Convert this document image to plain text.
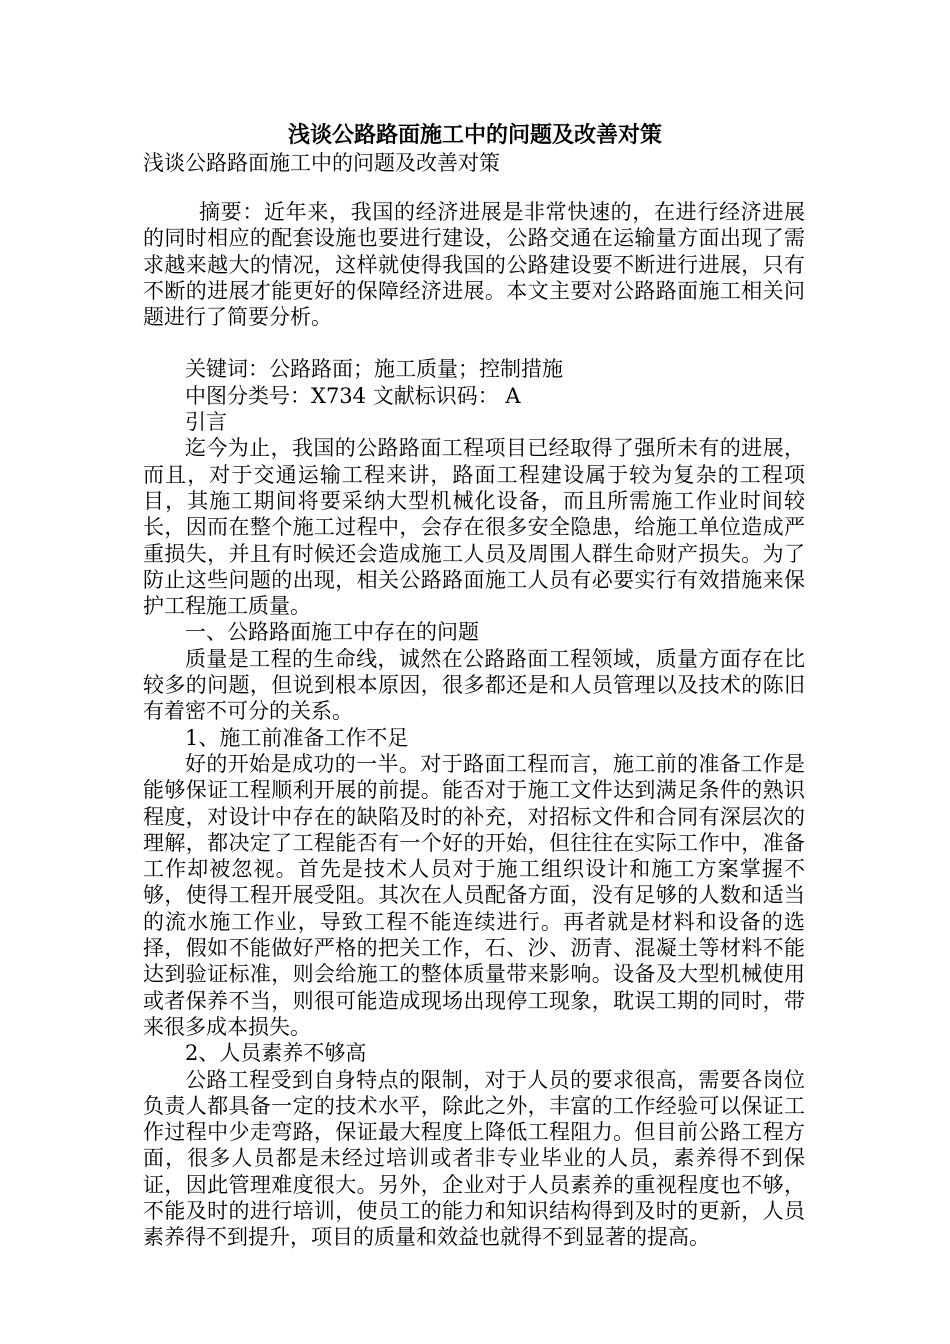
浅谈公路路面施工中的问题及改善对策
浅谈公路路面施工中的问题及改善对策

摘要：近年来，我国的经济进展是非常快速的，在进行经济进展的同时相应的配套设施也要进行建设，公路交通在运输量方面出现了需求越来越大的情况，这样就使得我国的公路建设要不断进行进展，只有不断的进展才能更好的保障经济进展。本文主要对公路路面施工相关问题进行了简要分析。

关键词：公路路面；施工质量；控制措施

中图分类号：X734 文献标识码： A

引言

迄今为止，我国的公路路面工程项目已经取得了强所未有的进展，而且，对于交通运输工程来讲，路面工程建设属于较为复杂的工程项目，其施工期间将要采纳大型机械化设备，而且所需施工作业时间较长，因而在整个施工过程中，会存在很多安全隐患，给施工单位造成严重损失，并且有时候还会造成施工人员及周围人群生命财产损失。为了防止这些问题的出现，相关公路路面施工人员有必要实行有效措施来保护工程施工质量。

一、公路路面施工中存在的问题

质量是工程的生命线，诚然在公路路面工程领域，质量方面存在比较多的问题，但说到根本原因，很多都还是和人员管理以及技术的陈旧有着密不可分的关系。

1、施工前准备工作不足

好的开始是成功的一半。对于路面工程而言，施工前的准备工作是能够保证工程顺利开展的前提。能否对于施工文件达到满足条件的熟识程度，对设计中存在的缺陷及时的补充，对招标文件和合同有深层次的理解，都决定了工程能否有一个好的开始，但往往在实际工作中，准备工作却被忽视。首先是技术人员对于施工组织设计和施工方案掌握不够，使得工程开展受阻。其次在人员配备方面，没有足够的人数和适当的流水施工作业，导致工程不能连续进行。再者就是材料和设备的选择，假如不能做好严格的把关工作，石、沙、沥青、混凝土等材料不能达到验证标准，则会给施工的整体质量带来影响。设备及大型机械使用或者保养不当，则很可能造成现场出现停工现象，耽误工期的同时，带来很多成本损失。

2、人员素养不够高

公路工程受到自身特点的限制，对于人员的要求很高，需要各岗位负责人都具备一定的技术水平，除此之外，丰富的工作经验可以保证工作过程中少走弯路，保证最大程度上降低工程阻力。但目前公路工程方面，很多人员都是未经过培训或者非专业毕业的人员，素养得不到保证，因此管理难度很大。另外，企业对于人员素养的重视程度也不够，不能及时的进行培训，使员工的能力和知识结构得到及时的更新，人员素养得不到提升，项目的质量和效益也就得不到显著的提高。
